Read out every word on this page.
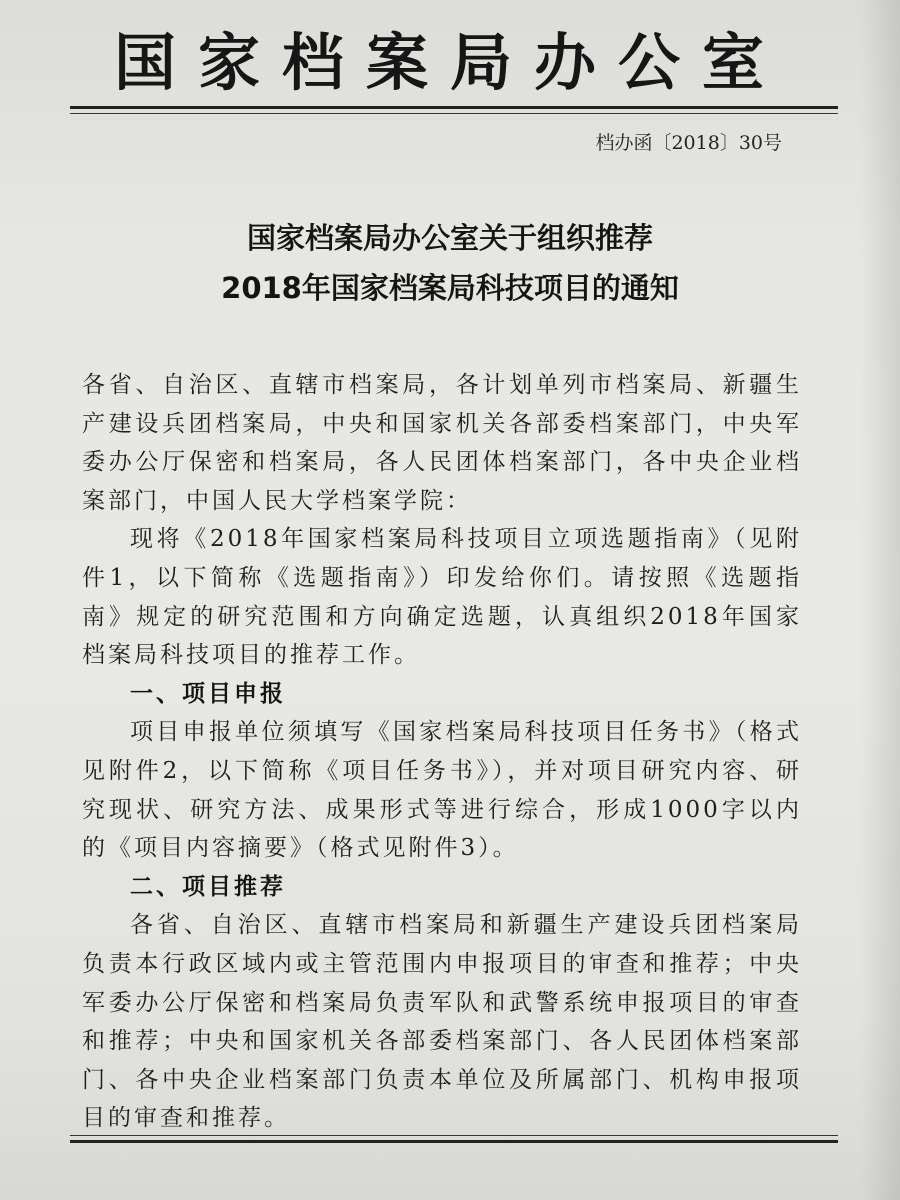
国家档案局办公室
档办函〔2018〕30号
国家档案局办公室关于组织推荐
2018年国家档案局科技项目的通知

各省、自治区、直辖市档案局，各计划单列市档案局、新疆生产建设兵团档案局，中央和国家机关各部委档案部门，中央军委办公厅保密和档案局，各人民团体档案部门，各中央企业档案部门，中国人民大学档案学院：

现将《2018年国家档案局科技项目立项选题指南》（见附件1，以下简称《选题指南》）印发给你们。请按照《选题指南》规定的研究范围和方向确定选题，认真组织2018年国家档案局科技项目的推荐工作。

一、项目申报

项目申报单位须填写《国家档案局科技项目任务书》（格式见附件2，以下简称《项目任务书》），并对项目研究内容、研究现状、研究方法、成果形式等进行综合，形成1000字以内的《项目内容摘要》（格式见附件3）。

二、项目推荐

各省、自治区、直辖市档案局和新疆生产建设兵团档案局负责本行政区域内或主管范围内申报项目的审查和推荐；中央军委办公厅保密和档案局负责军队和武警系统申报项目的审查和推荐；中央和国家机关各部委档案部门、各人民团体档案部门、各中央企业档案部门负责本单位及所属部门、机构申报项目的审查和推荐。
